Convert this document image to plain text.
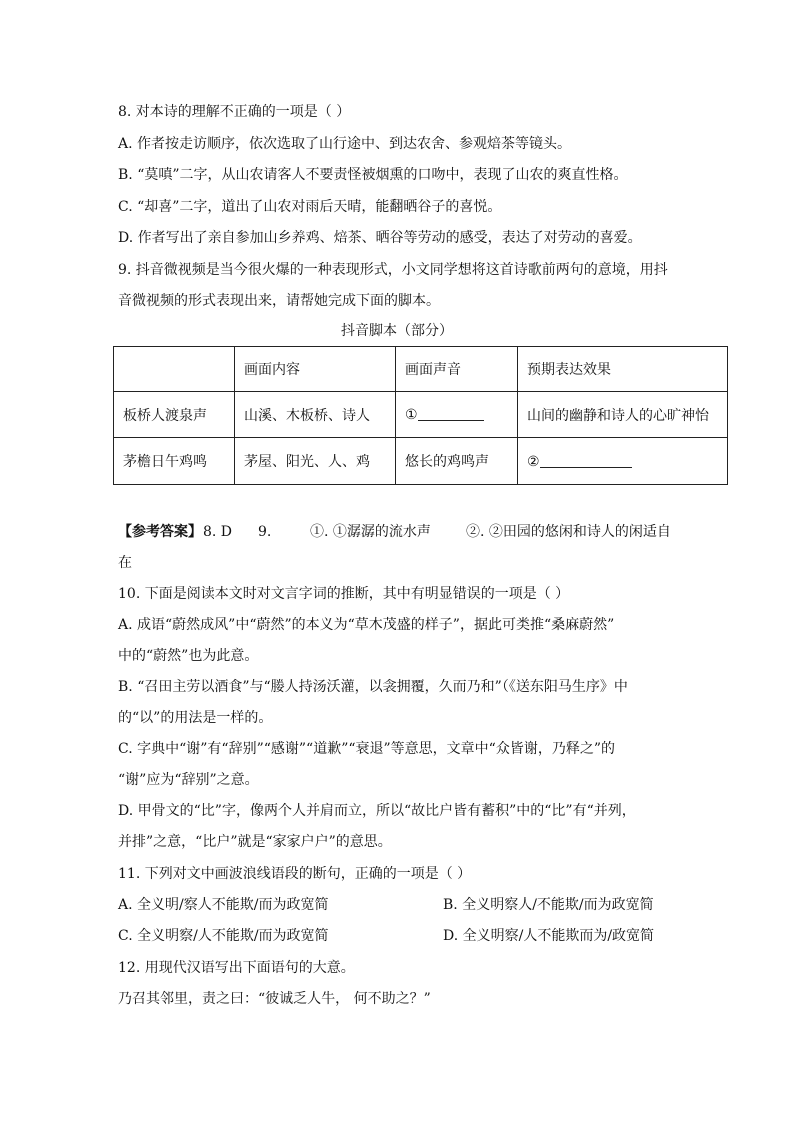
8. 对本诗的理解不正确的一项是（ ）
A. 作者按走访顺序，依次选取了山行途中、到达农舍、参观焙茶等镜头。
B. “莫嗔”二字，从山农请客人不要责怪被烟熏的口吻中，表现了山农的爽直性格。
C. “却喜”二字，道出了山农对雨后天晴，能翻晒谷子的喜悦。
D. 作者写出了亲自参加山乡养鸡、焙茶、晒谷等劳动的感受，表达了对劳动的喜爱。
9. 抖音微视频是当今很火爆的一种表现形式，小文同学想将这首诗歌前两句的意境，用抖
音微视频的形式表现出来，请帮她完成下面的脚本。
抖音脚本（部分）
	画面内容	画面声音	预期表达效果
板桥人渡泉声	山溪、木板桥、诗人	①	山间的幽静和诗人的心旷神怡
茅檐日午鸡鸣	茅屋、阳光、人、鸡	悠长的鸡鸣声	②
【参考答案】 8. D 9.	①. ①潺潺的流水声	②. ②田园的悠闲和诗人的闲适自
在
10. 下面是阅读本文时对文言字词的推断，其中有明显错误的一项是（ ）
A. 成语“蔚然成风”中“蔚然”的本义为“草木茂盛的样子”，据此可类推“桑麻蔚然”
中的“蔚然”也为此意。
B. “召田主劳以酒食”与“媵人持汤沃灌，以衾拥覆，久而乃和”（《送东阳马生序》中
的“以”的用法是一样的。
C. 字典中“谢”有“辞别”“感谢”“道歉”“衰退”等意思，文章中“众皆谢，乃释之”的
“谢”应为“辞别”之意。
D. 甲骨文的“比”字，像两个人并肩而立，所以“故比户皆有蓄积”中的“比”有“并列，
并排”之意，“比户”就是“家家户户”的意思。
11. 下列对文中画波浪线语段的断句，正确的一项是（ ）
A. 全义明/察人不能欺/而为政宽简	B. 全义明察人/不能欺/而为政宽简
C. 全义明察/人不能欺/而为政宽简	D. 全义明察/人不能欺而为/政宽简
12. 用现代汉语写出下面语句的大意。
乃召其邻里，责之曰：“彼诚乏人牛， 何不助之？”
